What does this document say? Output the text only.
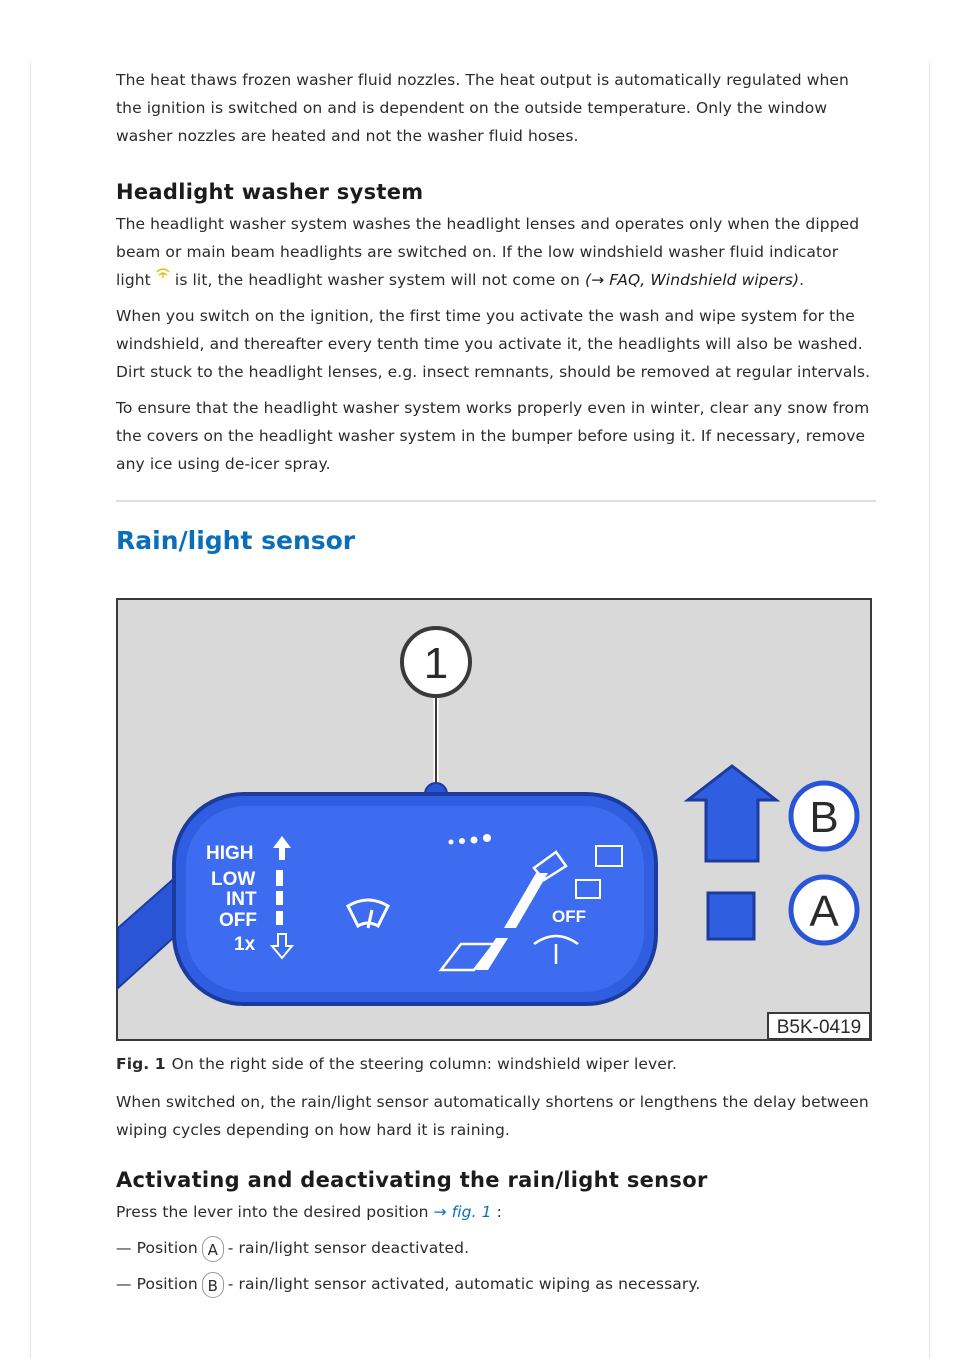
The heat thaws frozen washer fluid nozzles. The heat output is automatically regulated when the ignition is switched on and is dependent on the outside temperature. Only the window washer nozzles are heated and not the washer fluid hoses.

Headlight washer system

The headlight washer system washes the headlight lenses and operates only when the dipped beam or main beam headlights are switched on. If the low windshield washer fluid indicator light is lit, the headlight washer system will not come on (→ FAQ, Windshield wipers).

When you switch on the ignition, the first time you activate the wash and wipe system for the windshield, and thereafter every tenth time you activate it, the headlights will also be washed. Dirt stuck to the headlight lenses, e.g. insect remnants, should be removed at regular intervals.

To ensure that the headlight washer system works properly even in winter, clear any snow from the covers on the headlight washer system in the bumper before using it. If necessary, remove any ice using de-icer spray.

Rain/light sensor
1
HIGH
LOW
INT
OFF
1x
OFF
B
A
B5K-0419

Fig. 1 On the right side of the steering column: windshield wiper lever.

When switched on, the rain/light sensor automatically shortens or lengthens the delay between wiping cycles depending on how hard it is raining.

Activating and deactivating the rain/light sensor

Press the lever into the desired position → fig. 1 :

— Position A - rain/light sensor deactivated.

— Position B - rain/light sensor activated, automatic wiping as necessary.
